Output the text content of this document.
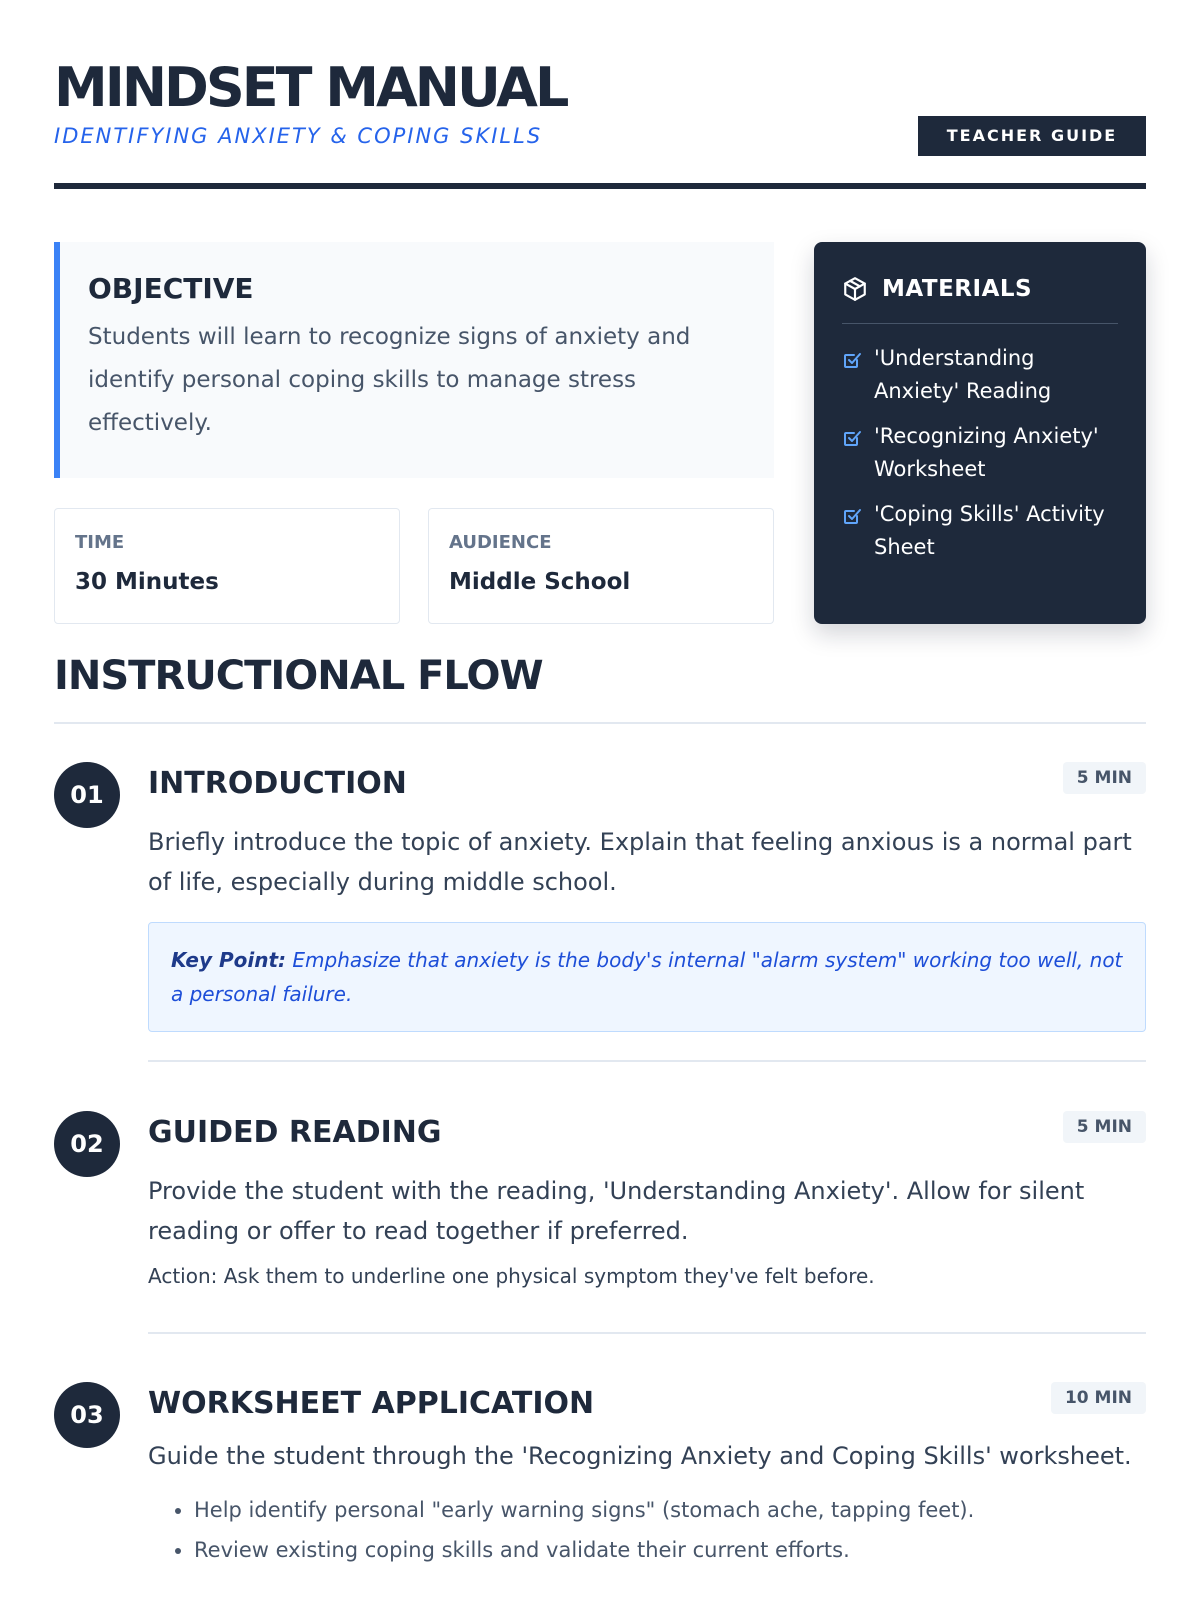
MINDSET MANUAL
IDENTIFYING ANXIETY & COPING SKILLS	TEACHER GUIDE
OBJECTIVE

Students will learn to recognize signs of anxiety and identify personal coping skills to manage stress effectively.

TIME
30 Minutes
AUDIENCE
Middle School
MATERIALS
'Understanding Anxiety' Reading
'Recognizing Anxiety' Worksheet
'Coping Skills' Activity Sheet
INSTRUCTIONAL FLOW
01	INTRODUCTION	5 MIN
Briefly introduce the topic of anxiety. Explain that feeling anxious is a normal part of life, especially during middle school.
Key Point: Emphasize that anxiety is the body's internal "alarm system" working too well, not a personal failure.
02	GUIDED READING	5 MIN
Provide the student with the reading, 'Understanding Anxiety'. Allow for silent reading or offer to read together if preferred.
Action: Ask them to underline one physical symptom they've felt before.
03	WORKSHEET APPLICATION	10 MIN
Guide the student through the 'Recognizing Anxiety and Coping Skills' worksheet.
• Help identify personal "early warning signs" (stomach ache, tapping feet).
• Review existing coping skills and validate their current efforts.
